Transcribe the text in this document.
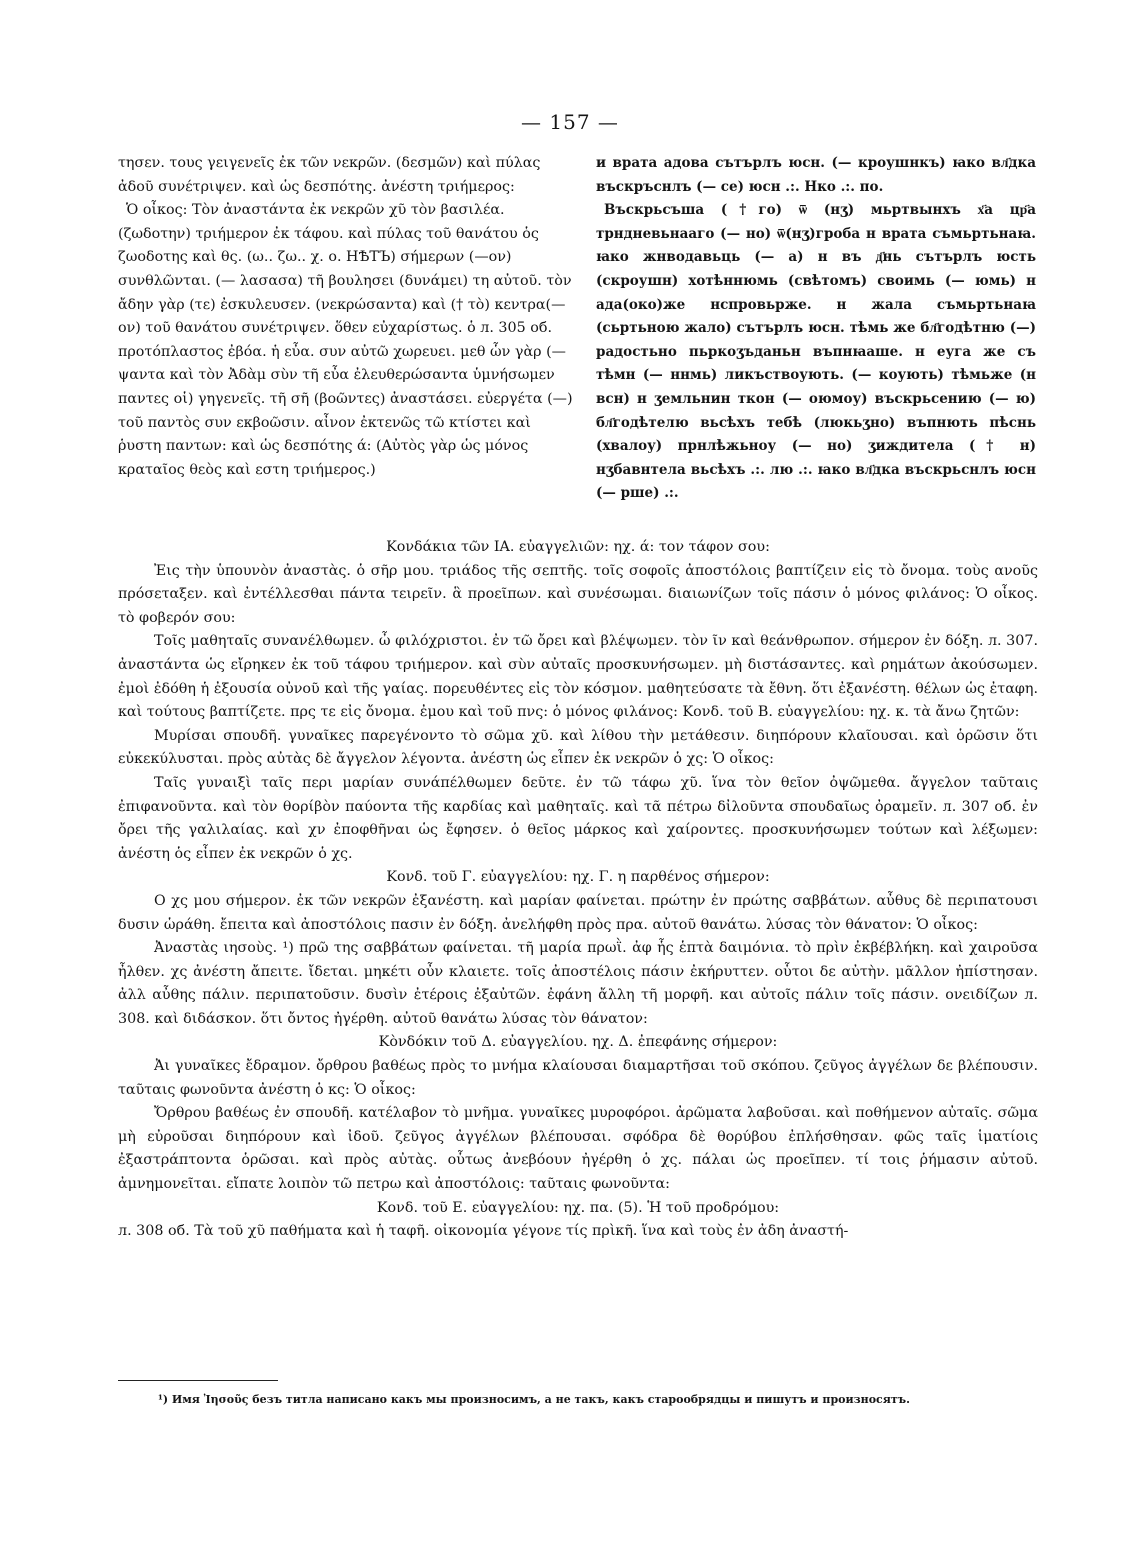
— 157 —

τησεν. τους γειγενεῖς ἐκ τῶν νεκρῶν. (δεσμῶν) καὶ πύλας ἀδοῦ συνέτριψεν. καὶ ὡς δεσπότης. ἀνέστη τριήμερος:

Ὁ οἶκος: Τὸν ἀναστάντα ἐκ νεκρῶν χῦ τὸν βασιλέα. (ζωδοτην) τριήμερον ἐκ τάφου. καὶ πύλας τοῦ θανάτου ὁς ζωοδοτης καὶ θς. (ω.. ζω.. χ. ο. НѢТЪ) σήμερων (—ον) συνθλῶνται. (— λασασα) τῆ βουλησει (δυνάμει) τη αὐτοῦ. τὸν ἄδην γὰρ (τε) ἐσκυλευσεν. (νεκρώσαντα) καὶ († τὸ) κεντρα(—ον) τοῦ θανάτου συνέτριψεν. ὅθεν εὐχαρίστως. ὁ л. 305 об. προτόπλαστος ἐβόα. ἡ εὖα. συν αὐτῶ χωρευει. μεθ ὧν γὰρ (— ψαντα καὶ τὸν Ἀδὰμ σὺν τῆ εὖα ἐλευθερώσαντα ὑμνήσωμεν παντες οἱ) γηγενεῖς. τῆ σῆ (βοῶντες) ἀναστάσει. εὐεργέτα (—) τοῦ παντὸς συν εκβοῶσιν. αἶνον ἐκτενῶς τῶ κτίστει καὶ ῥυστη παντων: καὶ ὡς δεσπότης ά: (Αὐτὸς γὰρ ὡς μόνος κραταῖος θεὸς καὶ εστη τριήμερος.)

и врата адова сътърлъ юсн. (— кроушнкъ) ꙗко вл҃дка въскръснлъ (— се) юсн .:. Нко .:. по.

Въскрьсъша (†го) ѿ (нӡ) мьртвынхъ х҃а цр҃а трндневьнааго (— но) ѿ(нӡ)гроба н врата съмьртьнаꙗ. ꙗко жнводавьць (— а) н въ д҃нь сътърлъ юсть (скроушн) хотѣннюмь (свѣтомъ) своимь (— юмь) н ада(око)же нспровьрже. н жала съмьртьнаꙗ (сьртьною жало) сътърлъ юсн. тѣмь же бл҃годѣтню (—) радостьно пьркоӡъданьн въпнꙗаше. н еуга же съ тѣмн (— ннмь) ликъствоуюᴛь. (— коуюᴛь) тѣмьже (н всн) н ӡемльнин ткон (— оюмоу) въскрьсению (— ю) бл҃годѣтелю вьсѣхъ тебѣ (люкьӡно) въпнють пѣснь (хвалоу) прнлѣжьноу (— но) ӡиждитела († н) нӡбавнтела вьсѣхъ .:. лю .:. ꙗко вл҃дка въскрьснлъ юсн (— рше) .:.

Κονδάκια τῶν ΙΑ. εὐαγγελιῶν: ηχ. ά: τον τάφον σου:

Ἐις τὴν ὑπουνὸν ἀναστὰς. ὁ σῆρ μου. τριάδος τῆς σεπτῆς. τοῖς σοφοῖς ἀποστόλοις βαπτίζειν εἰς τὸ ὄνομα. τοὺς ανοῦς πρόσεταξεν. καὶ ἐντέλλεσθαι πάντα τειρεῖν. ἃ προεῖπων. καὶ συνέσωμαι. διαιωνίζων τοῖς πάσιν ὁ μόνος φιλάνος: Ὁ οἶκος. τὸ φοβερόν σου:

Τοῖς μαθηταῖς συνανέλθωμεν. ὦ φιλόχριστοι. ἐν τῶ ὄρει καὶ βλέψωμεν. τὸν ῖν καὶ θεάνθρωπον. σήμερον ἐν δόξη. л. 307. ἀναστάντα ὡς εἴρηκεν ἐκ τοῦ τάφου τριήμερον. καὶ σὺν αὐταῖς πρoσκυνήσωμεν. μὴ διστάσαντες. καὶ ρημάτων ἀκούσωμεν. ἐμοὶ ἐδόθη ἡ ἐξουσία οὐνοῦ καὶ τῆς γαίας. πορευθέντες εἰς τὸν κόσμον. μαθητεύσατε τὰ ἔθνη. ὅτι ἐξανέστη. θέλων ὡς ἐταφη. καὶ τούτους βαπτίζετε. πρς τε εἰς ὄνομα. ἐμου καὶ τοῦ πνς: ὁ μόνος φιλάνος: Κονδ. τοῦ Β. εὐαγγελίου: ηχ. κ. τὰ ἄνω ζητῶν:

Μυρίσαι σπουδῆ. γυναῖκες παρεγένοντο τὸ σῶμα χῦ. καὶ λίθου τὴν μετάθεσιν. διηπόρουν κλαῖουσαι. καὶ ὁρῶσιν ὅτι εὐκεκύλυσται. πρὸς αὐτὰς δὲ ἄγγελον λέγοντα. ἀνέστη ὡς εἶπεν ἐκ νεκρῶν ὁ χς: Ὁ οἶκος:

Ταῖς γυναιξὶ ταῖς περι μαρίαν συνάπέλθωμεν δεῦτε. ἐν τῶ τάφω χῦ. ἵνα τὸν θεῖον ὀψῶμεθα. ἄγγελον ταῦταις ἐπιφανοῦντα. καὶ τὸν θορίβὸν παύοντα τῆς καρδίας καὶ μαθηταῖς. καὶ τᾶ πέτρω δἰλοῦντα σπουδαῖως ὀραμεῖν. л. 307 об. ἐν ὄρει τῆς γαλιλαίας. καὶ χν ἐποφθῆναι ὡς ἔφησεν. ὁ θεῖος μάρκος καὶ χαίροντες. προσκυνήσωμεν τούτων καὶ λέξωμεν: ἀνέστη ὁς εἶπεν ἐκ νεκρῶν ὁ χς.

Κονδ. τοῦ Γ. εὐαγγελίου: ηχ. Γ. η παρθένος σήμερον:

Ο χς μου σήμερον. ἐκ τῶν νεκρῶν ἐξανέστη. καὶ μαρίαν φαίνεται. πρώτην ἐν πρώτης σαββάτων. αὖθυς δὲ περιπατουσι δυσιν ὡράθη. ἔπειτα καὶ ἀποστόλοις πασιν ἐν δόξη. ἀνελήφθη πρὸς πρα. αὐτοῦ θανάτω. λύσας τὸν θάνατον: Ὁ οἶκος:

Ἀναστὰς ιησοὺς. ¹) πρῶ της σαββάτων φαίνεται. τῆ μαρία πρωῒ. ἀφ ἧς ἑπτὰ δαιμόνια. τὸ πρὶν ἐκβέβλήκη. καὶ χαιροῦσα ἦλθεν. χς ἀνέστη ἄπειτε. ἴδεται. μηκέτι οὖν κλαιετε. τοῖς ἀποστέλοις πάσιν ἐκήρυττεν. οὗτοι δε αὐτὴν. μᾶλλον ἠπίστησαν. ἀλλ αὖθης πάλιν. περιπατοῦσιν. δυσὶν ἐτέροις ἐξαὐτῶν. ἐφάνη ἄλλη τῆ μορφῆ. και αὐτοῖς πάλιν τοῖς πάσιν. ονειδίζων л. 308. καὶ διδάσκον. ὅτι ὄντος ἠγέρθη. αὐτοῦ θανάτω λύσας τὸν θάνατον:

Κὸνδόκιν τοῦ Δ. εὐαγγελίου. ηχ. Δ. ἐπεφάνης σήμερον:

Ἀι γυναῖκες ἔδραμον. ὄρθρου βαθέως πρὸς το μνήμα κλαίουσαι διαμαρτῆσαι τοῦ σκόπου. ζεῦγος ἀγγέλων δε βλέπουσιν. ταῦταις φωνοῦντα ἀνέστη ὁ κς: Ὁ οἶκος:

Ὄρθρου βαθέως ἐν σπουδῆ. κατέλαβον τὸ μνῆμα. γυναῖκες μυροφόροι. ἀρῶματα λαβοῦσαι. καὶ ποθήμενον αὐταῖς. σῶμα μὴ εὐροῦσαι διηπόρουν καὶ ἰδοῦ. ζεῦγος ἀγγέλων βλέπουσαι. σφόδρα δὲ θορύβου ἐπλήσθησαν. φῶς ταῖς ἱματίοις ἐξαστράπτοντα ὁρῶσαι. καὶ πρὸς αὐτὰς. οὗτως ἀνεβόουν ἠγέρθη ὁ χς. πάλαι ὡς προεῖπεν. τί τοις ῥήμασιν αὐτοῦ. ἀμνημονεῖται. εἴπατε λοιπὸν τῶ πετρω καὶ ἀποστόλοις: ταῦταις φωνοῦντα:

Κονδ. τοῦ Ε. εὐαγγελίου: ηχ. πα. (5). Ἡ τοῦ προδρόμου:

л. 308 об. Τὰ τοῦ χῦ παθήματα καὶ ἡ ταφῆ. οἰκονομία γέγονε τίς πρὶκῆ. ἵνα καὶ τοὺς ἐν ἀδη ἀναστή-

¹) Имя Ἰησοῦς безъ титла написано какъ мы произносимъ, а не такъ, какъ старообрядцы и пишутъ и произносятъ.
